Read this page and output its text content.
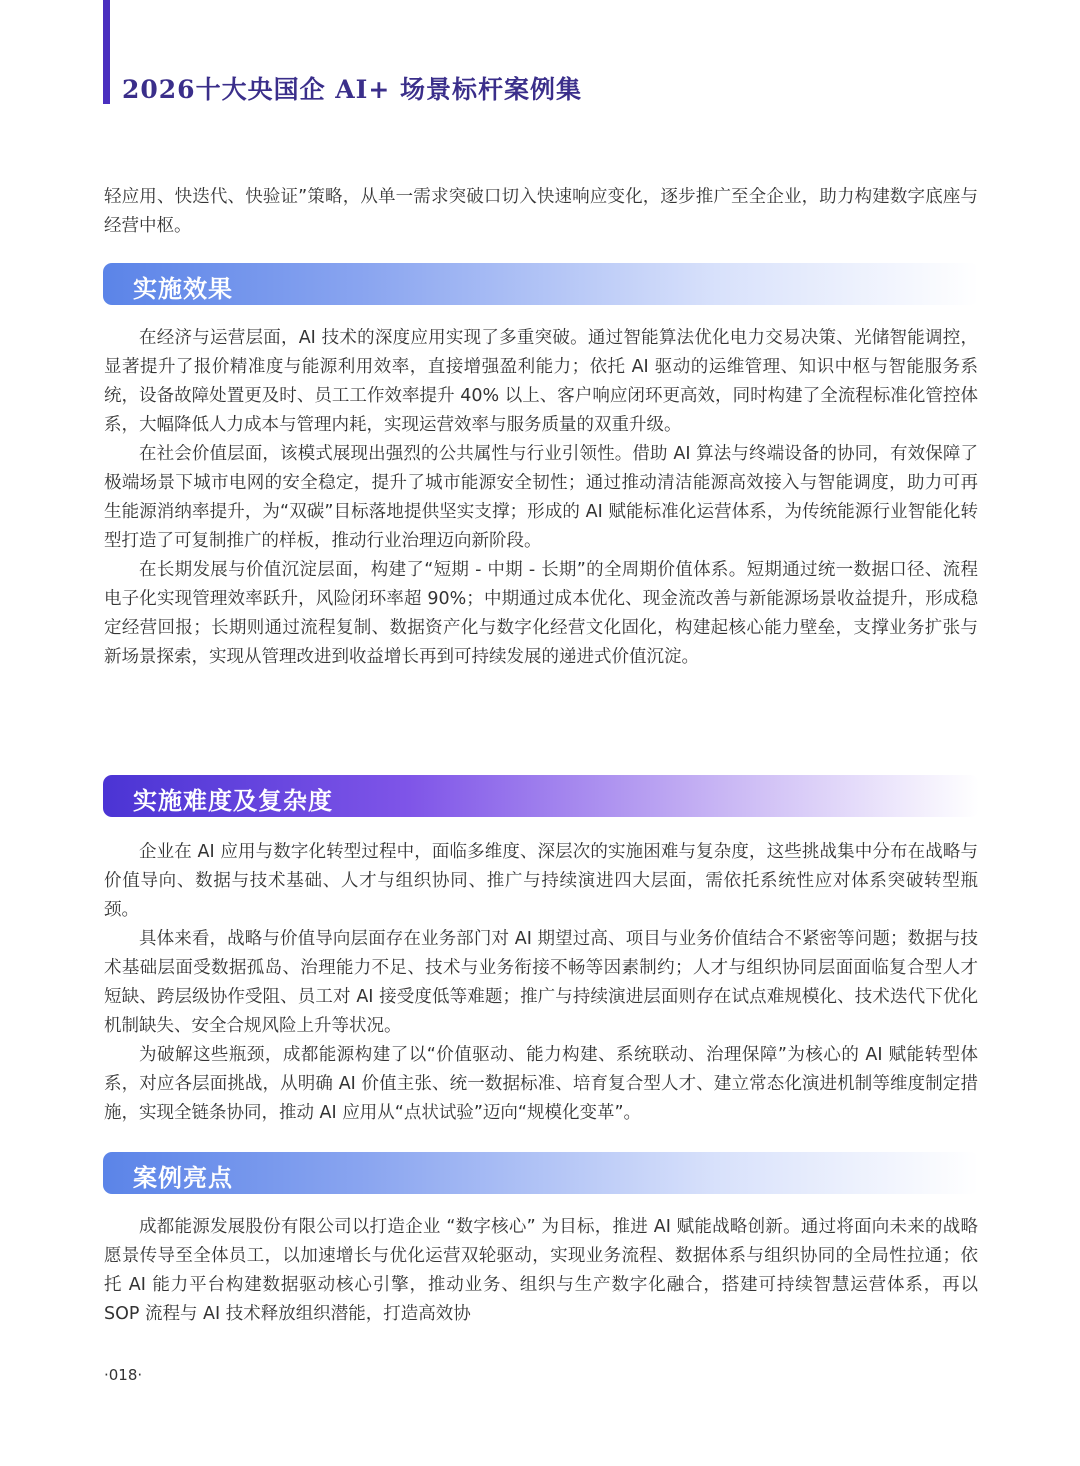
2026十大央国企 AI+ 场景标杆案例集

轻应用、快迭代、快验证”策略，从单一需求突破口切入快速响应变化，逐步推广至全企业，助力构建数字底座与经营中枢。

实施效果

在经济与运营层面，AI 技术的深度应用实现了多重突破。通过智能算法优化电力交易决策、光储智能调控，显著提升了报价精准度与能源利用效率，直接增强盈利能力；依托 AI 驱动的运维管理、知识中枢与智能服务系统，设备故障处置更及时、员工工作效率提升 40% 以上、客户响应闭环更高效，同时构建了全流程标准化管控体系，大幅降低人力成本与管理内耗，实现运营效率与服务质量的双重升级。

在社会价值层面，该模式展现出强烈的公共属性与行业引领性。借助 AI 算法与终端设备的协同，有效保障了极端场景下城市电网的安全稳定，提升了城市能源安全韧性；通过推动清洁能源高效接入与智能调度，助力可再生能源消纳率提升，为“双碳”目标落地提供坚实支撑；形成的 AI 赋能标准化运营体系，为传统能源行业智能化转型打造了可复制推广的样板，推动行业治理迈向新阶段。

在长期发展与价值沉淀层面，构建了“短期 - 中期 - 长期”的全周期价值体系。短期通过统一数据口径、流程电子化实现管理效率跃升，风险闭环率超 90%；中期通过成本优化、现金流改善与新能源场景收益提升，形成稳定经营回报；长期则通过流程复制、数据资产化与数字化经营文化固化，构建起核心能力壁垒，支撑业务扩张与新场景探索，实现从管理改进到收益增长再到可持续发展的递进式价值沉淀。

实施难度及复杂度

企业在 AI 应用与数字化转型过程中，面临多维度、深层次的实施困难与复杂度，这些挑战集中分布在战略与价值导向、数据与技术基础、人才与组织协同、推广与持续演进四大层面，需依托系统性应对体系突破转型瓶颈。

具体来看，战略与价值导向层面存在业务部门对 AI 期望过高、项目与业务价值结合不紧密等问题；数据与技术基础层面受数据孤岛、治理能力不足、技术与业务衔接不畅等因素制约；人才与组织协同层面面临复合型人才短缺、跨层级协作受阻、员工对 AI 接受度低等难题；推广与持续演进层面则存在试点难规模化、技术迭代下优化机制缺失、安全合规风险上升等状况。

为破解这些瓶颈，成都能源构建了以“价值驱动、能力构建、系统联动、治理保障”为核心的 AI 赋能转型体系，对应各层面挑战，从明确 AI 价值主张、统一数据标准、培育复合型人才、建立常态化演进机制等维度制定措施，实现全链条协同，推动 AI 应用从“点状试验”迈向“规模化变革”。

案例亮点

成都能源发展股份有限公司以打造企业 “数字核心” 为目标，推进 AI 赋能战略创新。通过将面向未来的战略愿景传导至全体员工，以加速增长与优化运营双轮驱动，实现业务流程、数据体系与组织协同的全局性拉通；依托 AI 能力平台构建数据驱动核心引擎，推动业务、组织与生产数字化融合，搭建可持续智慧运营体系，再以 SOP 流程与 AI 技术释放组织潜能，打造高效协

·018·
